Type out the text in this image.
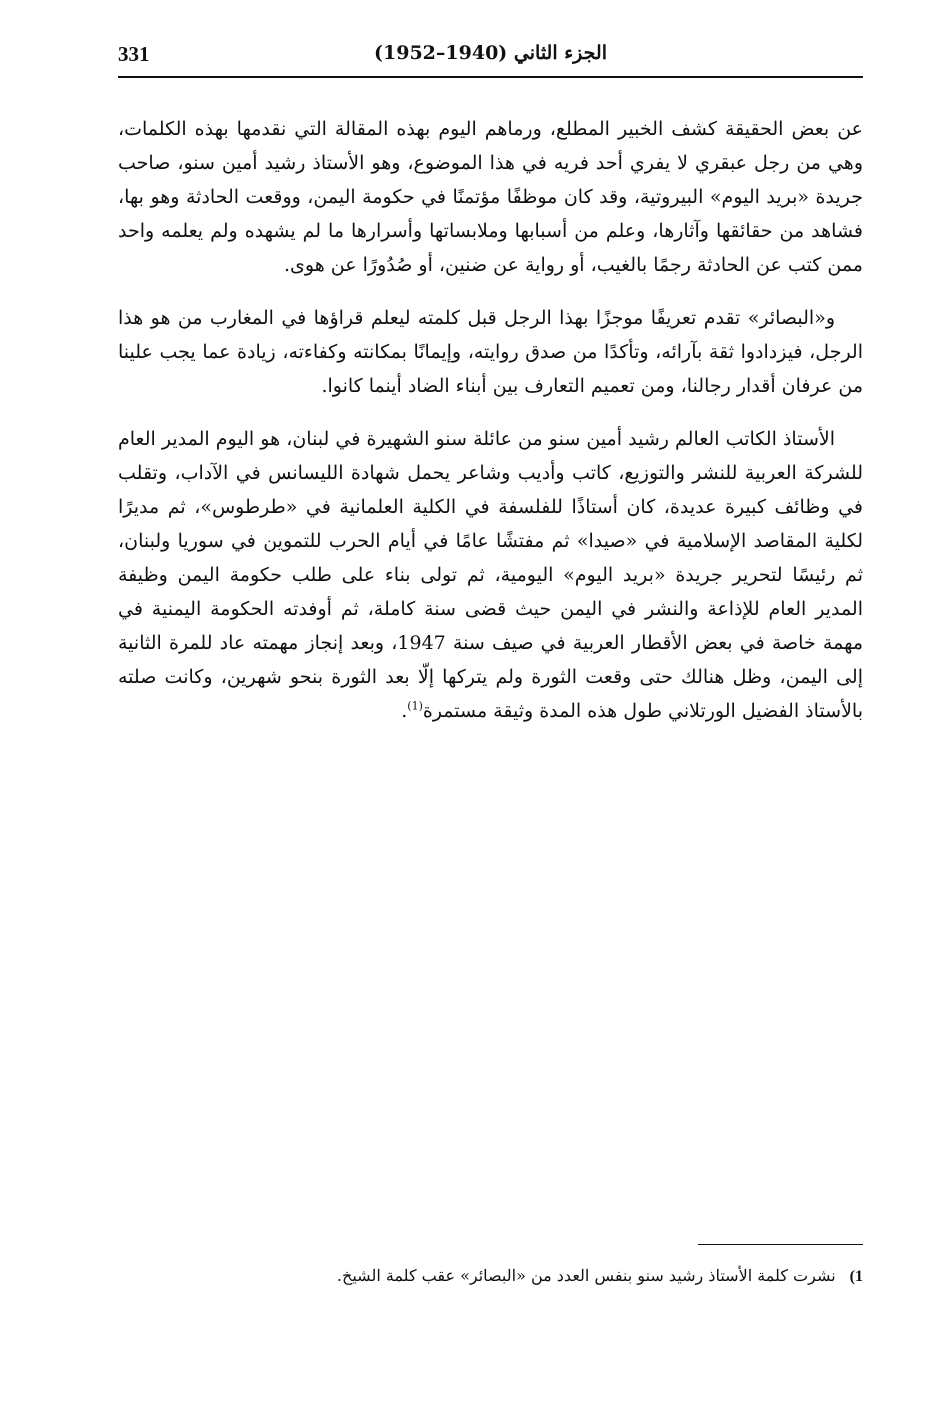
331	الجزء الثاني (1940–1952)

عن بعض الحقيقة كشف الخبير المطلع، ورماهم اليوم بهذه المقالة التي نقدمها بهذه الكلمات، وهي من رجل عبقري لا يفري أحد فريه في هذا الموضوع، وهو الأستاذ رشيد أمين سنو، صاحب جريدة «بريد اليوم» البيروتية، وقد كان موظفًا مؤتمنًا في حكومة اليمن، ووقعت الحادثة وهو بها، فشاهد من حقائقها وآثارها، وعلم من أسبابها وملابساتها وأسرارها ما لم يشهده ولم يعلمه واحد ممن كتب عن الحادثة رجمًا بالغيب، أو رواية عن ضنين، أو صُدُورًا عن هوى.

و«البصائر» تقدم تعريفًا موجزًا بهذا الرجل قبل كلمته ليعلم قراؤها في المغارب من هو هذا الرجل، فيزدادوا ثقة بآرائه، وتأكدًا من صدق روايته، وإيمانًا بمكانته وكفاءته، زيادة عما يجب علينا من عرفان أقدار رجالنا، ومن تعميم التعارف بين أبناء الضاد أينما كانوا.

الأستاذ الكاتب العالم رشيد أمين سنو من عائلة سنو الشهيرة في لبنان، هو اليوم المدير العام للشركة العربية للنشر والتوزيع، كاتب وأديب وشاعر يحمل شهادة الليسانس في الآداب، وتقلب في وظائف كبيرة عديدة، كان أستاذًا للفلسفة في الكلية العلمانية في «طرطوس»، ثم مديرًا لكلية المقاصد الإسلامية في «صيدا» ثم مفتشًا عامًا في أيام الحرب للتموين في سوريا ولبنان، ثم رئيسًا لتحرير جريدة «بريد اليوم» اليومية، ثم تولى بناء على طلب حكومة اليمن وظيفة المدير العام للإذاعة والنشر في اليمن حيث قضى سنة كاملة، ثم أوفدته الحكومة اليمنية في مهمة خاصة في بعض الأقطار العربية في صيف سنة 1947، وبعد إنجاز مهمته عاد للمرة الثانية إلى اليمن، وظل هنالك حتى وقعت الثورة ولم يتركها إلّا بعد الثورة بنحو شهرين، وكانت صلته بالأستاذ الفضيل الورتلاني طول هذه المدة وثيقة مستمرة$^{(1)}$.

1)نشرت كلمة الأستاذ رشيد سنو بنفس العدد من «البصائر» عقب كلمة الشيخ.
